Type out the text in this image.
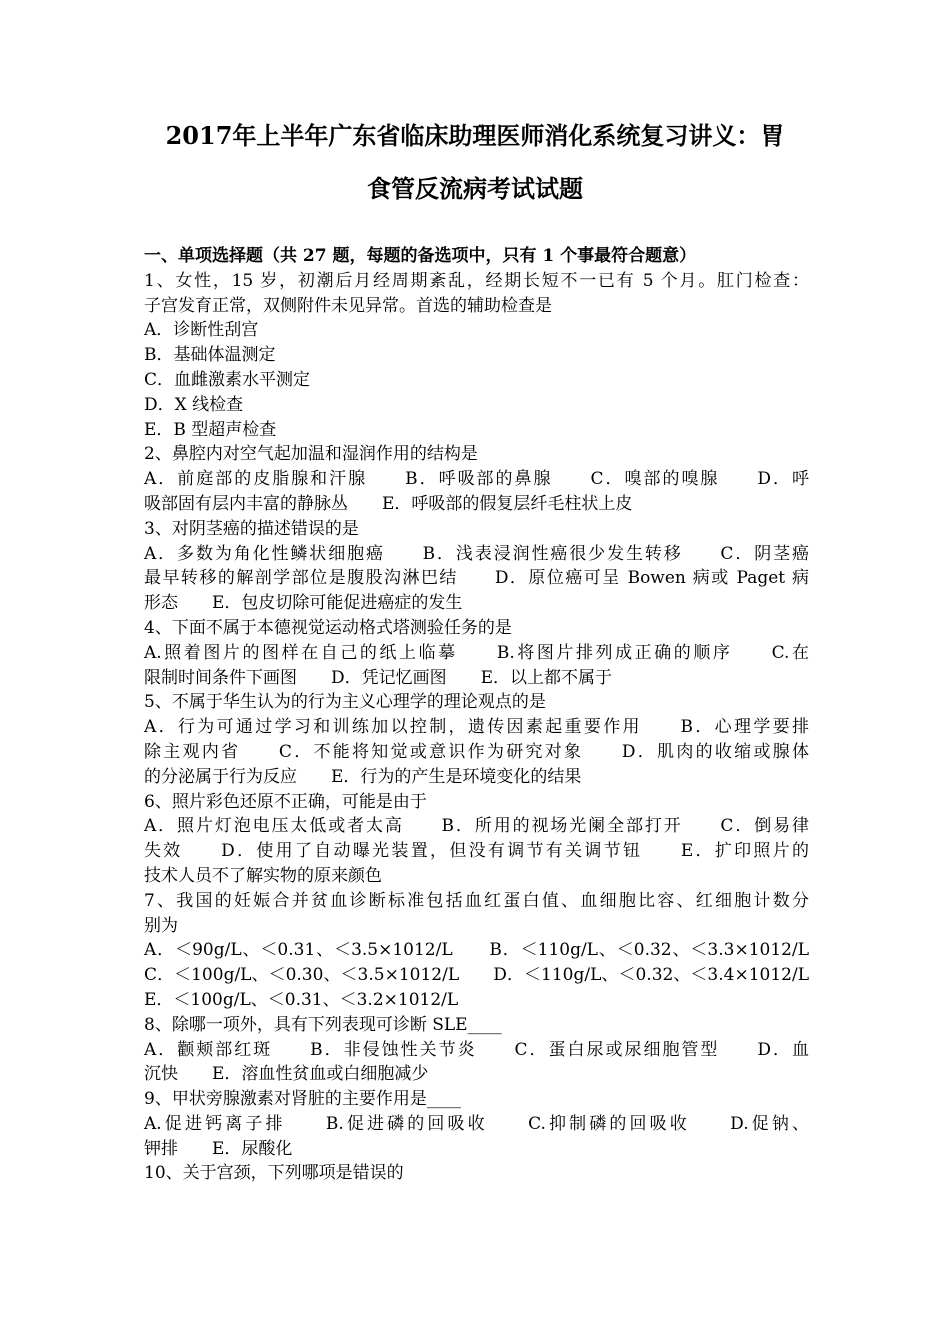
2017年上半年广东省临床助理医师消化系统复习讲义：胃
食管反流病考试试题
一、单项选择题（共 27 题，每题的备选项中，只有 1 个事最符合题意）
1、女性，15 岁，初潮后月经周期紊乱，经期长短不一已有 5 个月。肛门检查：
子宫发育正常，双侧附件未见异常。首选的辅助检查是
A．诊断性刮宫
B．基础体温测定
C．血雌激素水平测定
D．X 线检查
E．B 型超声检查
2、鼻腔内对空气起加温和湿润作用的结构是
A．前庭部的皮脂腺和汗腺　　B．呼吸部的鼻腺　　C．嗅部的嗅腺　　D．呼
吸部固有层内丰富的静脉丛　　E．呼吸部的假复层纤毛柱状上皮
3、对阴茎癌的描述错误的是
A．多数为角化性鳞状细胞癌　　B．浅表浸润性癌很少发生转移　　C．阴茎癌
最早转移的解剖学部位是腹股沟淋巴结　　D．原位癌可呈 Bowen 病或 Paget 病
形态　　E．包皮切除可能促进癌症的发生
4、下面不属于本德视觉运动格式塔测验任务的是
A.照着图片的图样在自己的纸上临摹　　B.将图片排列成正确的顺序　　C.在
限制时间条件下画图　　D．凭记忆画图　　E．以上都不属于
5、不属于华生认为的行为主义心理学的理论观点的是
A．行为可通过学习和训练加以控制，遗传因素起重要作用　　B．心理学要排
除主观内省　　C．不能将知觉或意识作为研究对象　　D．肌肉的收缩或腺体
的分泌属于行为反应　　E．行为的产生是环境变化的结果
6、照片彩色还原不正确，可能是由于
A．照片灯泡电压太低或者太高　　B．所用的视场光阑全部打开　　C．倒易律
失效　　D．使用了自动曝光装置，但没有调节有关调节钮　　E．扩印照片的
技术人员不了解实物的原来颜色
7、我国的妊娠合并贫血诊断标准包括血红蛋白值、血细胞比容、红细胞计数分
别为
A．＜90g/L、＜0.31、＜3.5×1012/L　　B．＜110g/L、＜0.32、＜3.3×1012/L
C．＜100g/L、＜0.30、＜3.5×1012/L　　D．＜110g/L、＜0.32、＜3.4×1012/L
E．＜100g/L、＜0.31、＜3.2×1012/L
8、除哪一项外，具有下列表现可诊断 SLE____
A．颧颊部红斑　　B．非侵蚀性关节炎　　C．蛋白尿或尿细胞管型　　D．血
沉快　　E．溶血性贫血或白细胞减少
9、甲状旁腺激素对肾脏的主要作用是____
A.促进钙离子排　　B.促进磷的回吸收　　C.抑制磷的回吸收　　D.促钠、
钾排　　E．尿酸化
10、关于宫颈，下列哪项是错误的
